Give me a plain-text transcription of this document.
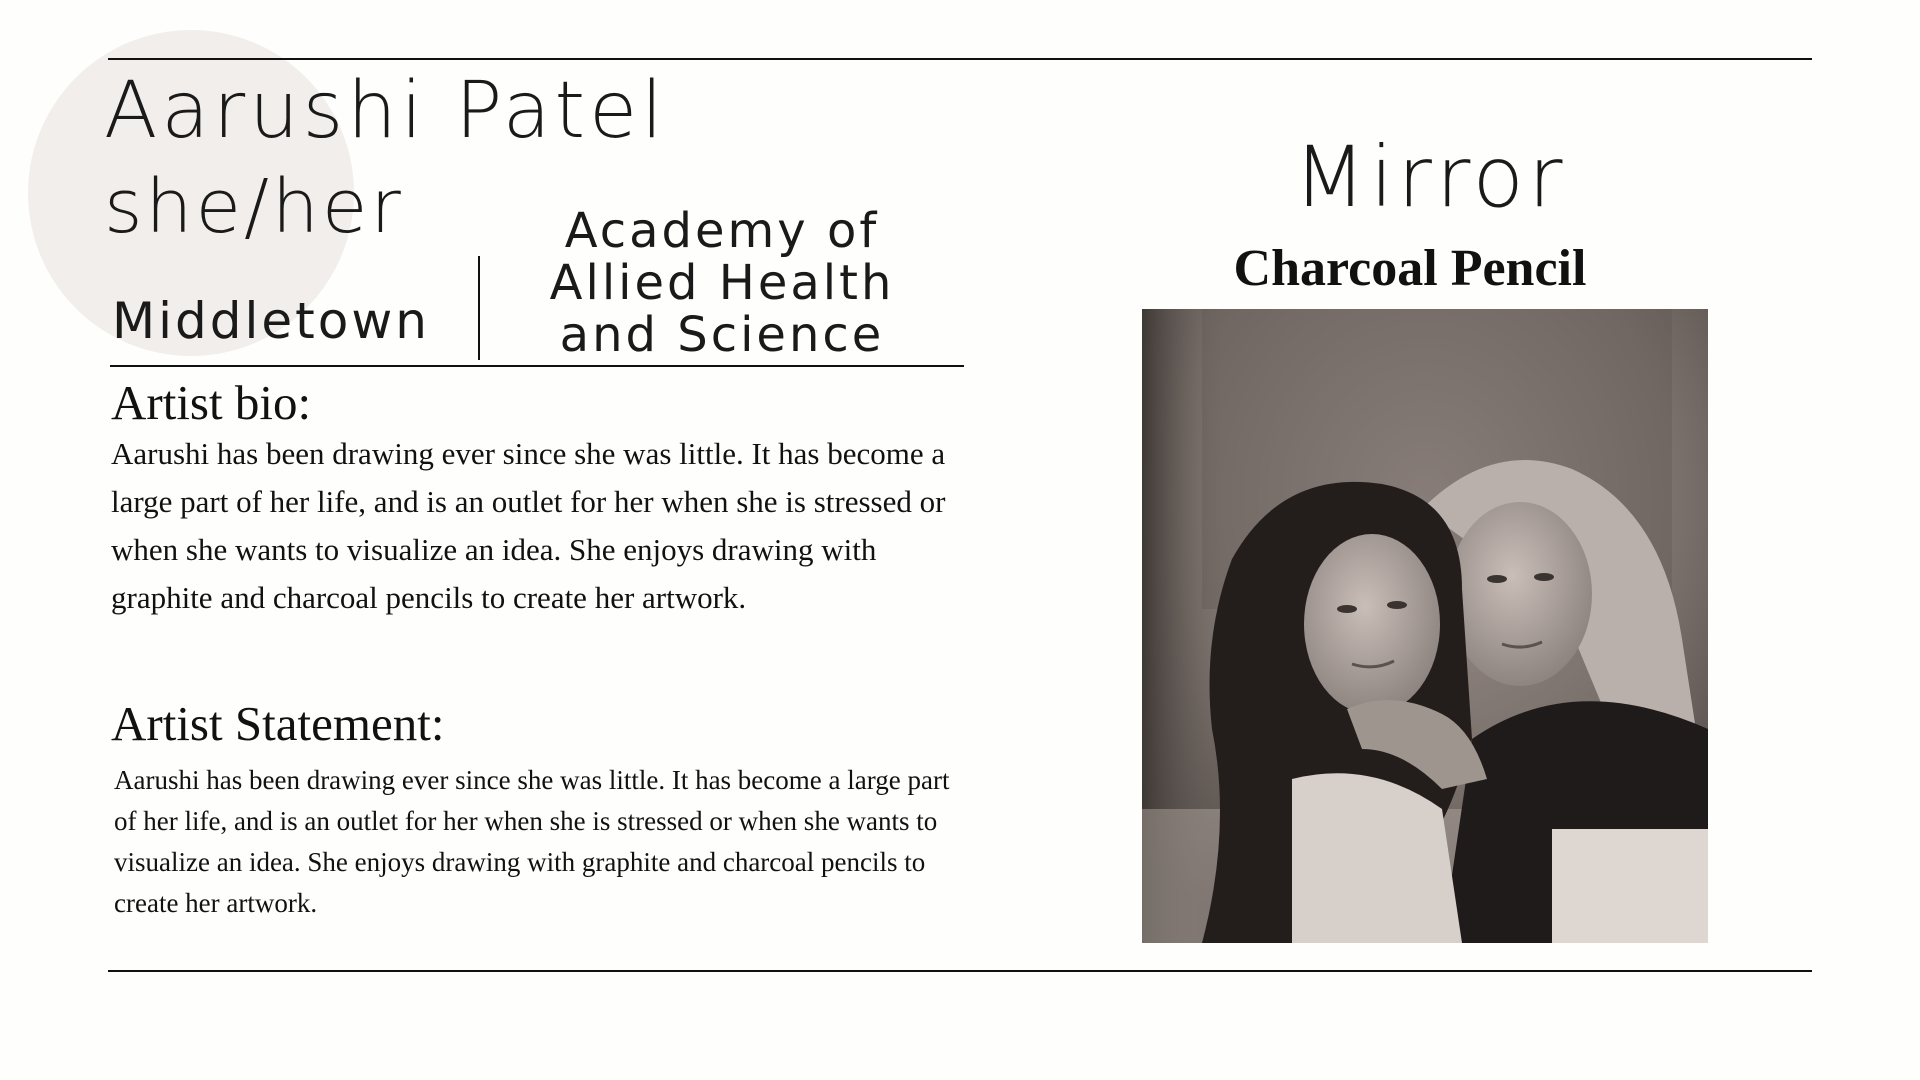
Aarushi Patel
she/her
Middletown
Academy of
Allied Health
and Science
Artist bio:

Aarushi has been drawing ever since she was little. It has become a large part of her life, and is an outlet for her when she is stressed or when she wants to visualize an idea. She enjoys drawing with graphite and charcoal pencils to create her artwork.

Artist Statement:

Aarushi has been drawing ever since she was little. It has become a large part of her life, and is an outlet for her when she is stressed or when she wants to visualize an idea. She enjoys drawing with graphite and charcoal pencils to create her artwork.

Mirror
Charcoal Pencil
